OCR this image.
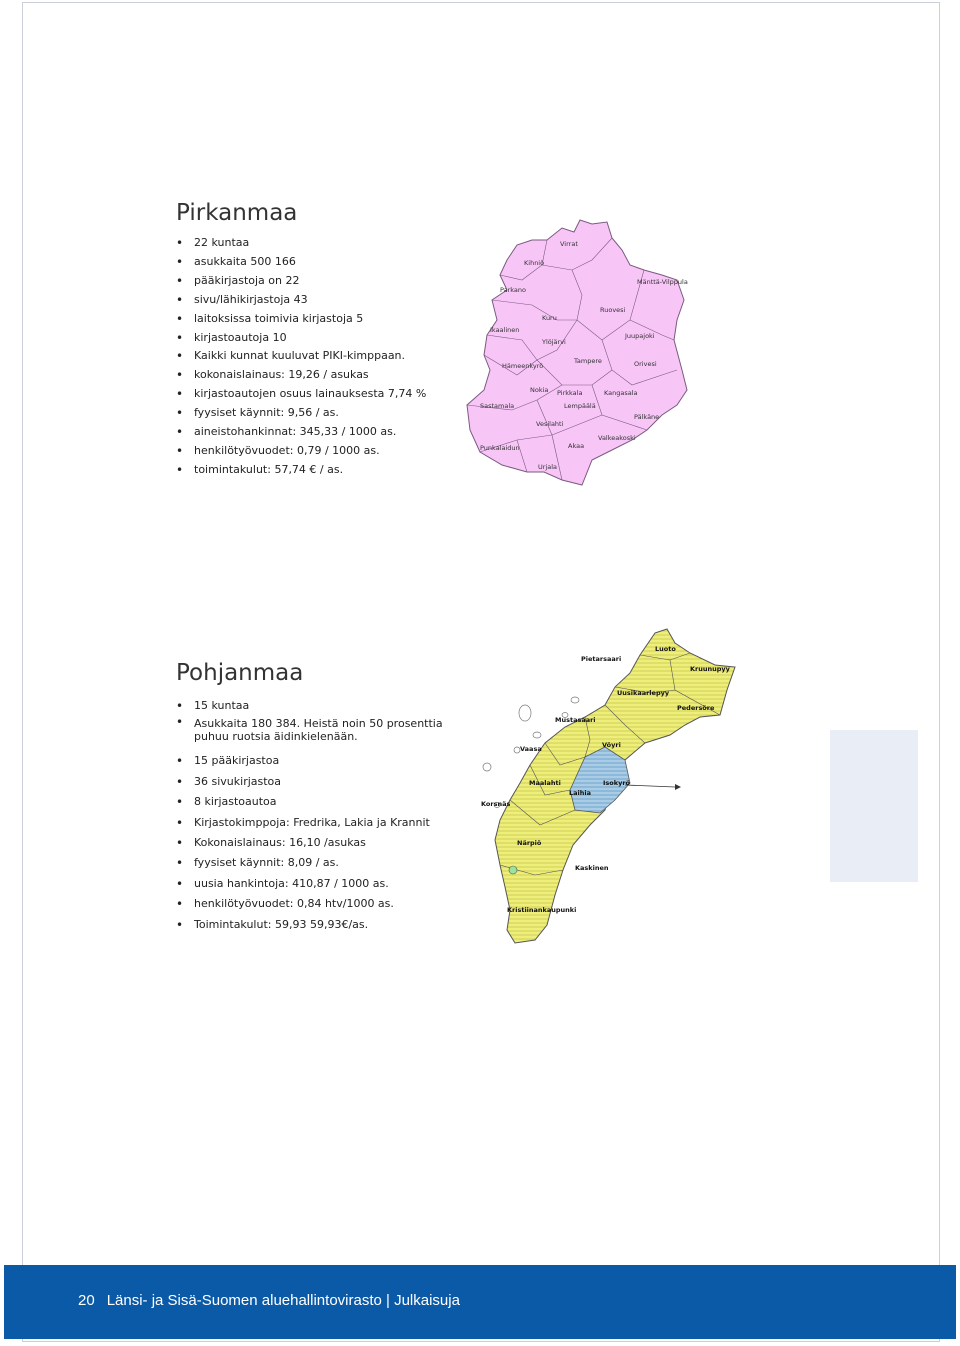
Pirkanmaa
• 22 kuntaa
• asukkaita 500 166
• pääkirjastoja on 22
• sivu/lähikirjastoja 43
• laitoksissa toimivia kirjastoja 5
• kirjastoautoja 10
• Kaikki kunnat kuuluvat PIKI-kimppaan.
• kokonaislainaus: 19,26 / asukas
• kirjastoautojen osuus lainauksesta 7,74 %
• fyysiset käynnit: 9,56 / as.
• aineistohankinnat: 345,33 / 1000 as.
• henkilötyövuodet: 0,79 / 1000 as.
• toimintakulut: 57,74 € / as.
Virrat
Kihniö
Mänttä-Vilppula
Parkano
Ruovesi
Ikaalinen
Kuru
Ylöjärvi
Juupajoki
Hämeenkyrö
Tampere	Orivesi
Nokia Pirkkala	Kangasala
Sastamala	Lempäälä
Pälkäne
Vesilahti
Valkeakoski
Punkalaidun	Akaa
Urjala
Pohjanmaa
• 15 kuntaa
• Asukkaita 180 384. Heistä noin 50 prosenttia puhuu ruotsia äidinkielenään.
• 15 pääkirjastoa
• 36 sivukirjastoa
• 8 kirjastoautoa
• Kirjastokimppoja: Fredrika, Lakia ja Krannit
• Kokonaislainaus: 16,10 /asukas
• fyysiset käynnit: 8,09 / as.
• uusia hankintoja: 410,87 / 1000 as.
• henkilötyövuodet: 0,84 htv/1000 as.
• Toimintakulut: 59,93 59,93€/as.
Luoto
Pietarsaari
Kruunupyy
Uusikaarlepyy
Pedersöre
Mustasaari
Vöyri
Vaasa
Isokyrö
Maalahti
Laihia
Korsnäs
Närpiö
Kaskinen
Kristiinankaupunki
20 Länsi- ja Sisä-Suomen aluehallintovirasto | Julkaisuja
